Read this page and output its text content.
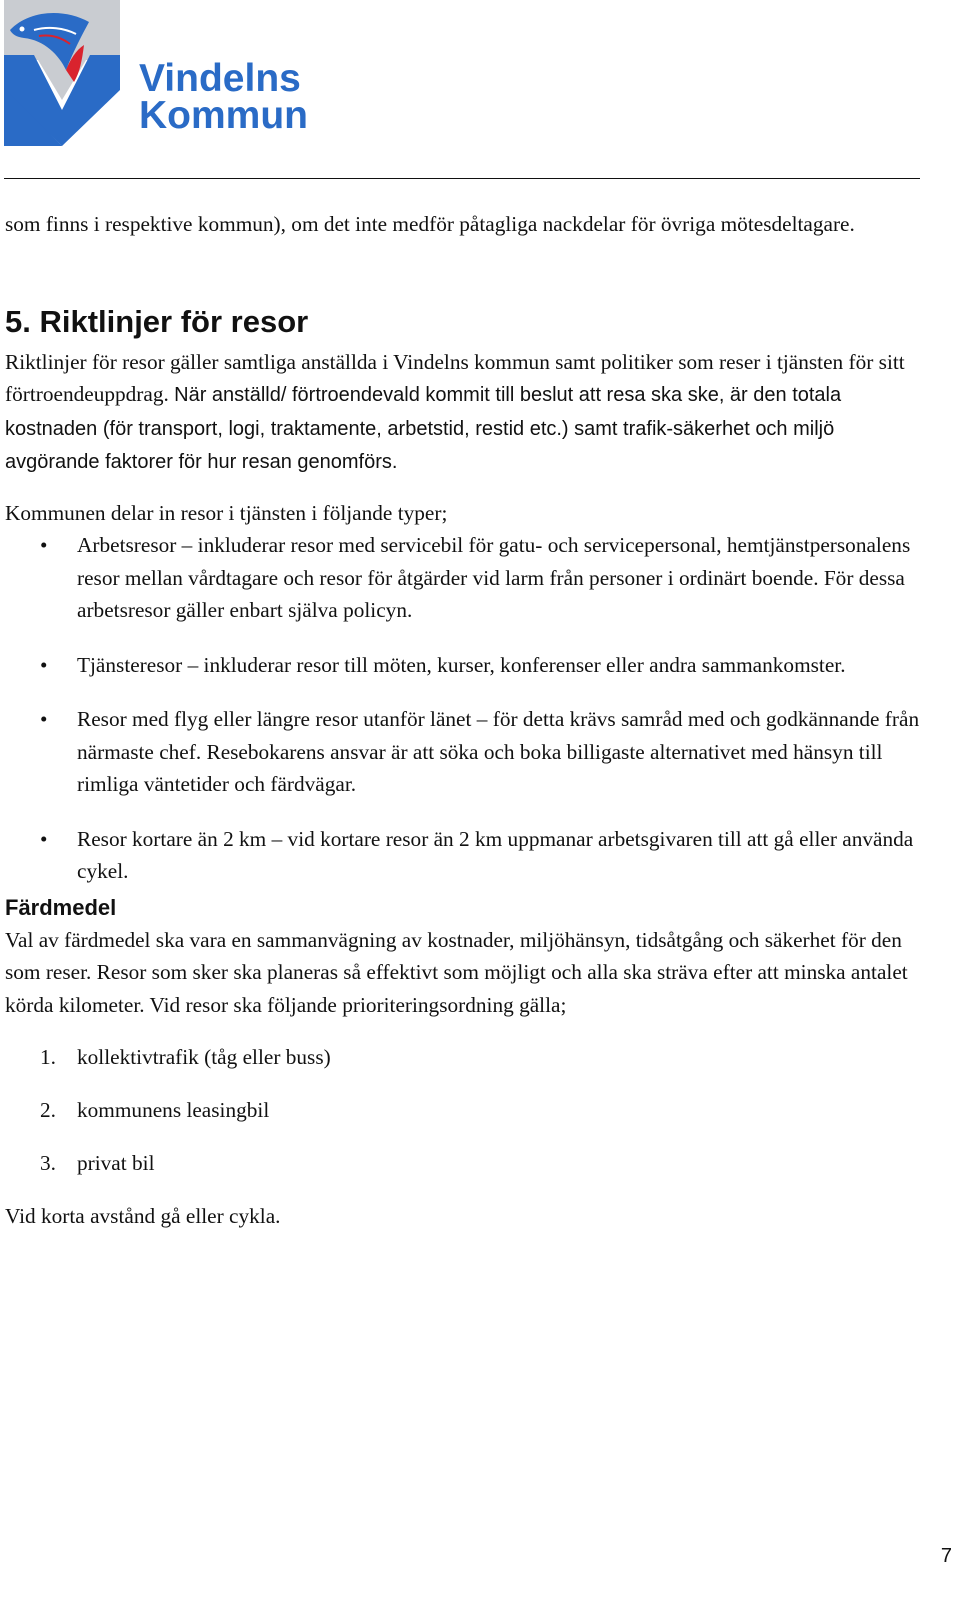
Vindelns
Kommun

som finns i respektive kommun), om det inte medför påtagliga nackdelar för övriga mötesdeltagare.

5. Riktlinjer för resor

Riktlinjer för resor gäller samtliga anställda i Vindelns kommun samt politiker som reser i tjänsten för sitt förtroendeuppdrag. När anställd/ förtroendevald kommit till beslut att resa ska ske, är den totala kostnaden (för transport, logi, traktamente, arbetstid, restid etc.) samt trafik-säkerhet och miljö avgörande faktorer för hur resan genomförs.

Kommunen delar in resor i tjänsten i följande typer;

• Arbetsresor – inkluderar resor med servicebil för gatu- och servicepersonal, hemtjänstpersonalens resor mellan vårdtagare och resor för åtgärder vid larm från personer i ordinärt boende. För dessa arbetsresor gäller enbart själva policyn.
• Tjänsteresor – inkluderar resor till möten, kurser, konferenser eller andra sammankomster.
• Resor med flyg eller längre resor utanför länet – för detta krävs samråd med och godkännande från närmaste chef. Resebokarens ansvar är att söka och boka billigaste alternativet med hänsyn till rimliga väntetider och färdvägar.
• Resor kortare än 2 km – vid kortare resor än 2 km uppmanar arbetsgivaren till att gå eller använda cykel.
Färdmedel

Val av färdmedel ska vara en sammanvägning av kostnader, miljöhänsyn, tidsåtgång och säkerhet för den som reser. Resor som sker ska planeras så effektivt som möjligt och alla ska sträva efter att minska antalet körda kilometer. Vid resor ska följande prioriteringsordning gälla;

1. kollektivtrafik (tåg eller buss)
2. kommunens leasingbil
3. privat bil

Vid korta avstånd gå eller cykla.

7
